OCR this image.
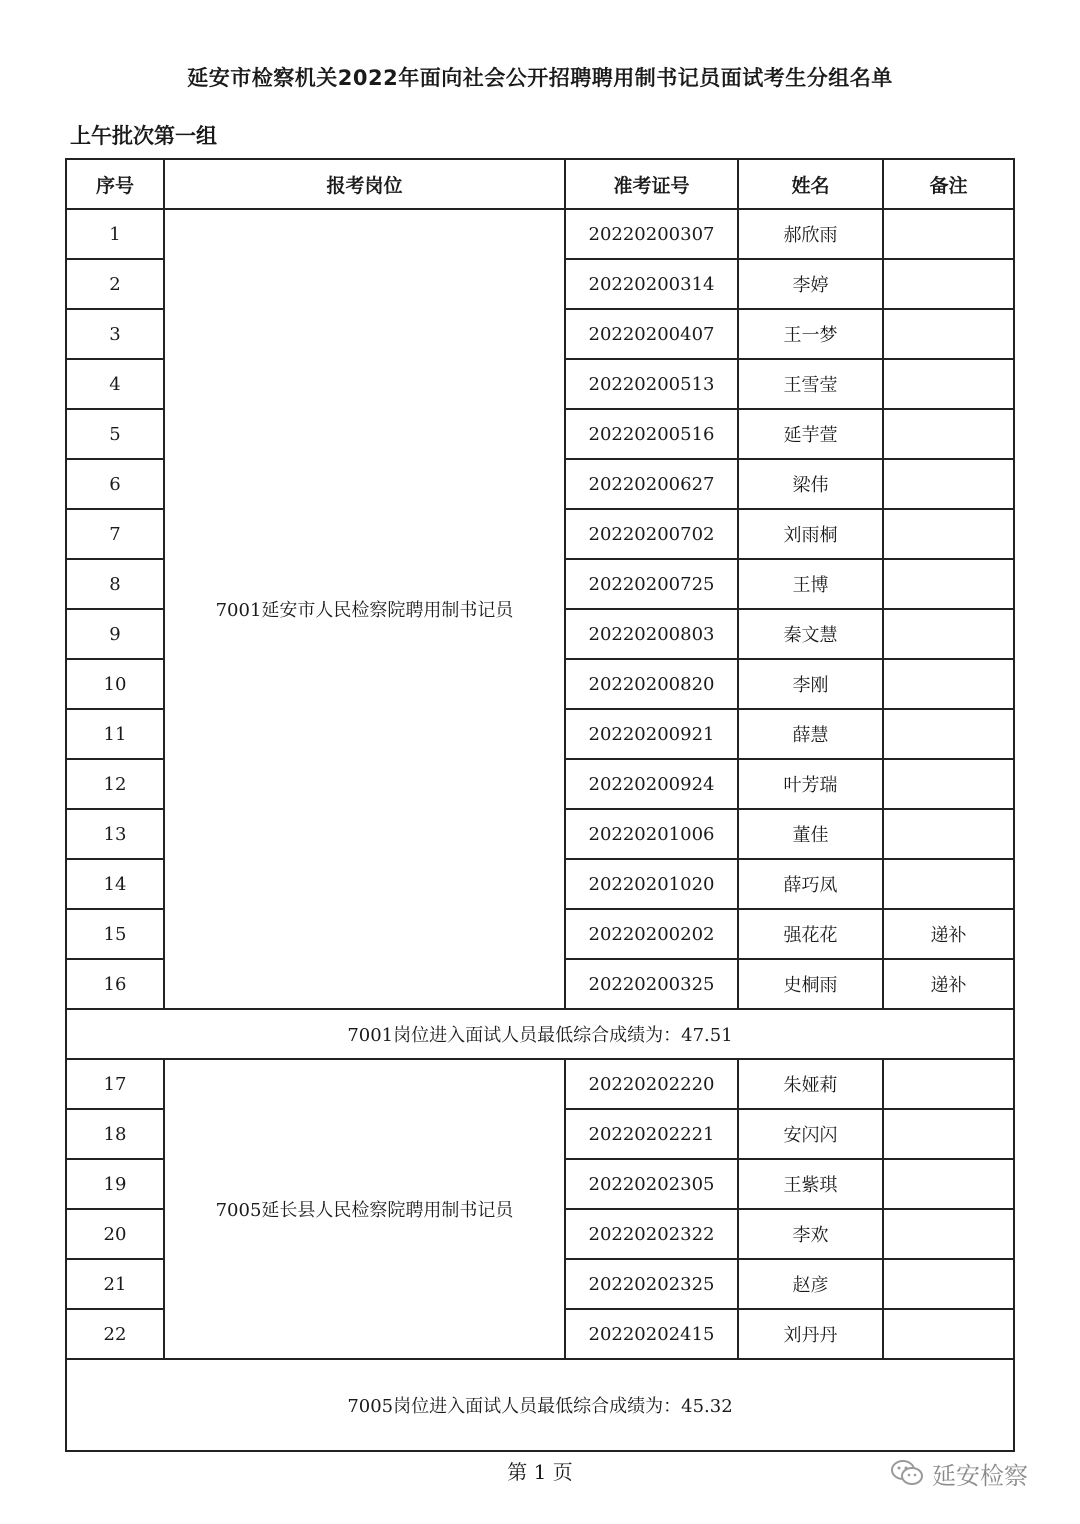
延安市检察机关2022年面向社会公开招聘聘用制书记员面试考生分组名单
上午批次第一组
序号	报考岗位	准考证号	姓名	备注
1	7001延安市人民检察院聘用制书记员	20220200307	郝欣雨	
2		20220200314	李婷	
3		20220200407	王一梦	
4		20220200513	王雪莹	
5		20220200516	延芋萱	
6		20220200627	梁伟	
7		20220200702	刘雨桐	
8		20220200725	王博	
9		20220200803	秦文慧	
10		20220200820	李刚	
11		20220200921	薛慧	
12		20220200924	叶芳瑞	
13		20220201006	董佳	
14		20220201020	薛巧凤	
15		20220200202	强花花	递补
16		20220200325	史桐雨	递补
7001岗位进入面试人员最低综合成绩为：47.51				
17	7005延长县人民检察院聘用制书记员	20220202220	朱娅莉	
18		20220202221	安闪闪	
19		20220202305	王紫琪	
20		20220202322	李欢	
21		20220202325	赵彦	
22		20220202415	刘丹丹	
7005岗位进入面试人员最低综合成绩为：45.32				
第 1 页	延安检察
